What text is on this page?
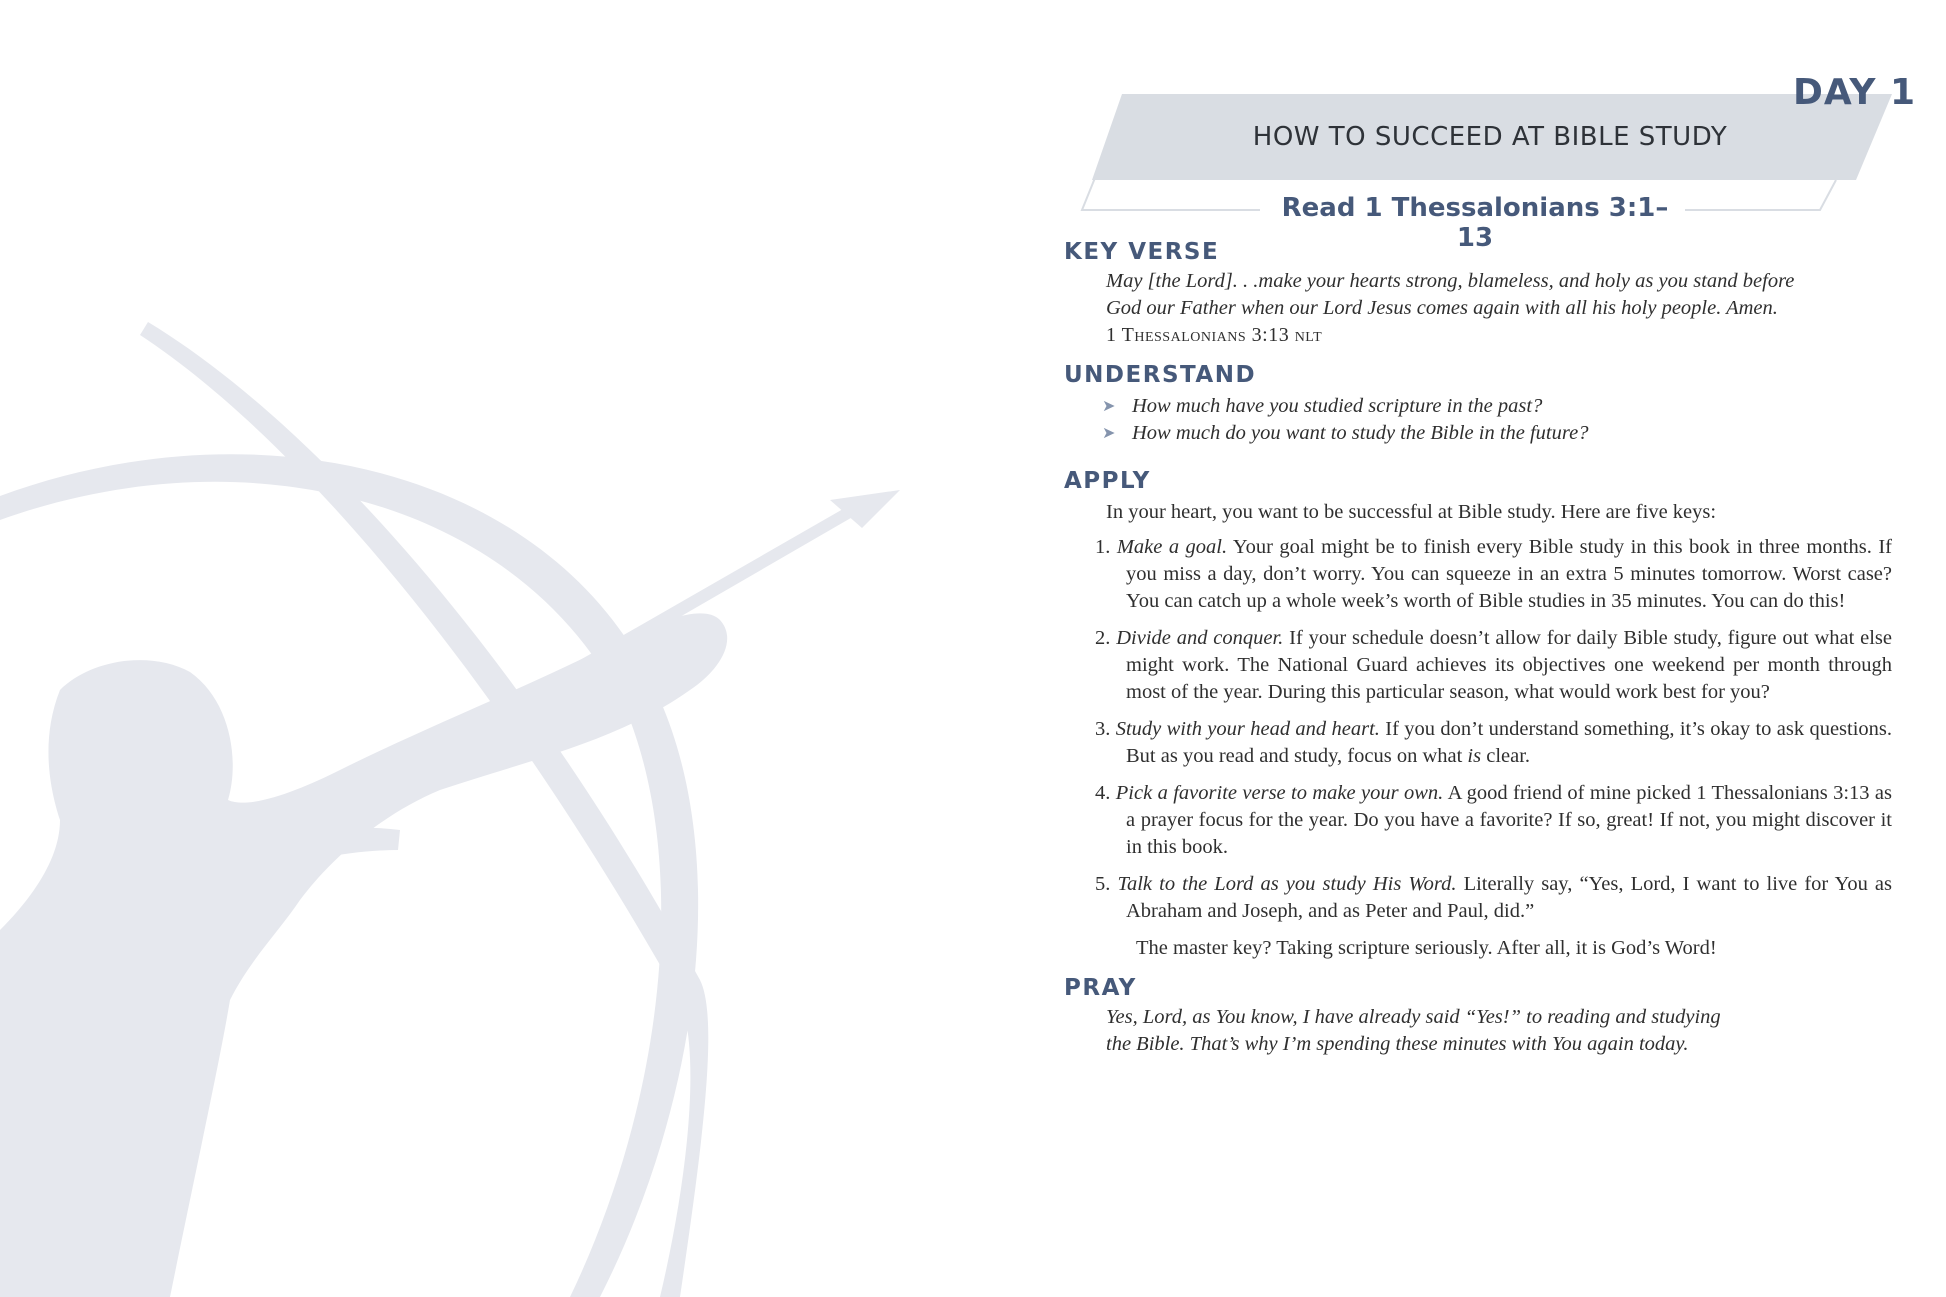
DAY 1
HOW TO SUCCEED AT BIBLE STUDY
Read 1 Thessalonians 3:1–13
KEY VERSE
May [the Lord]. . .make your hearts strong, blameless, and holy as you stand before
God our Father when our Lord Jesus comes again with all his holy people. Amen.
1 Thessalonians 3:13 nlt
UNDERSTAND
➤ How much have you studied scripture in the past?
➤ How much do you want to study the Bible in the future?
APPLY

In your heart, you want to be successful at Bible study. Here are five keys:

1. Make a goal. Your goal might be to finish every Bible study in this book in three months. If you miss a day, don’t worry. You can squeeze in an extra 5 minutes tomorrow. Worst case? You can catch up a whole week’s worth of Bible studies in 35 minutes. You can do this!
2. Divide and conquer. If your schedule doesn’t allow for daily Bible study, figure out what else might work. The National Guard achieves its objectives one weekend per month through most of the year. During this particular season, what would work best for you?
3. Study with your head and heart. If you don’t understand something, it’s okay to ask questions. But as you read and study, focus on what is clear.
4. Pick a favorite verse to make your own. A good friend of mine picked 1 Thessalonians 3:13 as a prayer focus for the year. Do you have a favorite? If so, great! If not, you might discover it in this book.
5. Talk to the Lord as you study His Word. Literally say, “Yes, Lord, I want to live for You as Abraham and Joseph, and as Peter and Paul, did.”

The master key? Taking scripture seriously. After all, it is God’s Word!

PRAY
Yes, Lord, as You know, I have already said “Yes!” to reading and studying
the Bible. That’s why I’m spending these minutes with You again today.
